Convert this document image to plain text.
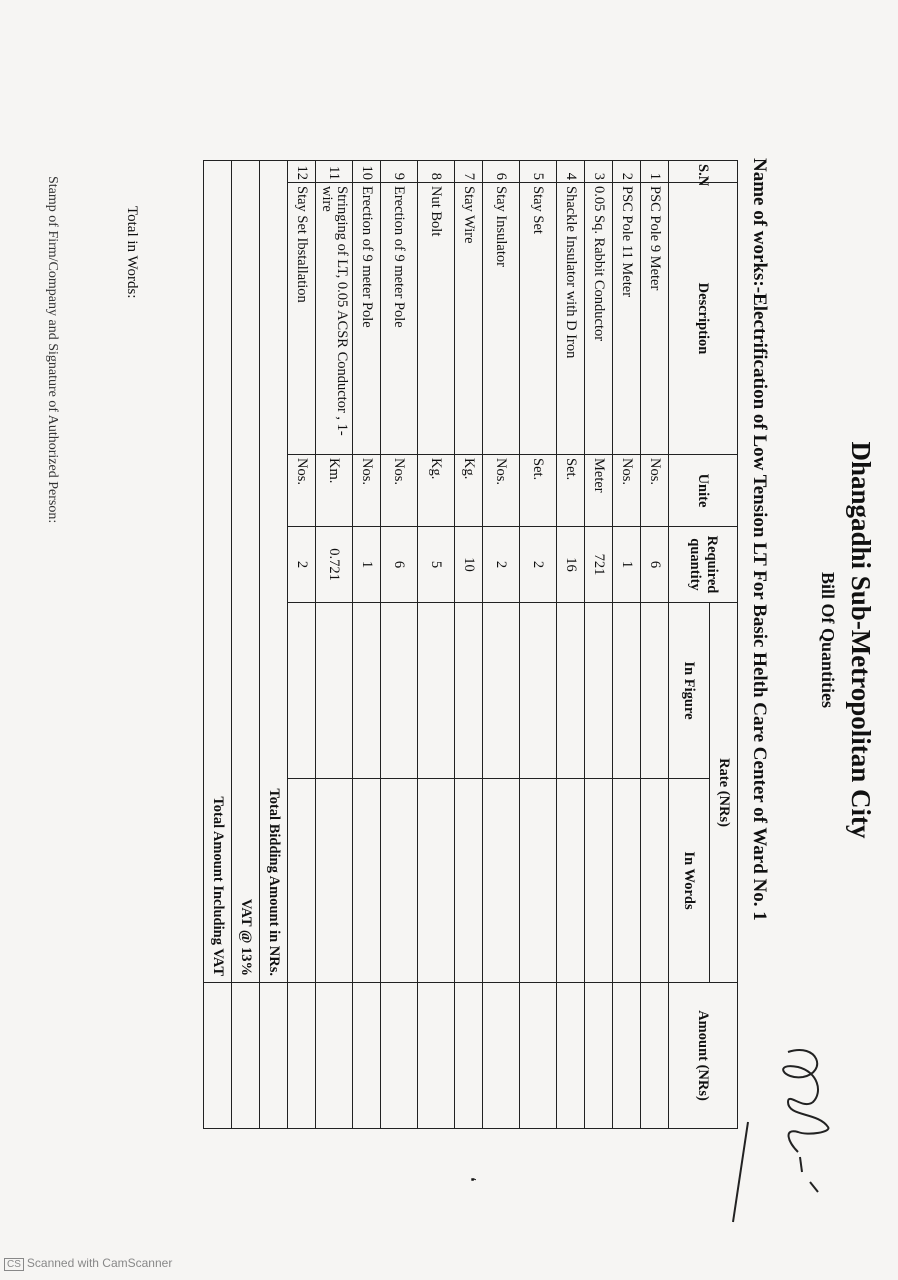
Dhangadhi Sub-Metropolitan City
Bill Of Quantities
Name of works:-Electrification of Low Tension LT For Basic Helth Care Center of Ward No. 1
S.N	Description	Unite	Required quantity	Rate (NRs)		Amount (NRs)
				In Figure	In Words	
1	PSC Pole 9 Meter	Nos.	6			
2	PSC Pole 11 Meter	Nos.	1			
3	0.05 Sq. Rabbit Conductor	Meter	721			
4	Shackle Insulator with D Iron	Set.	16			
5	Stay Set	Set.	2			
6	Stay Insulator	Nos.	2			
7	Stay Wire	Kg.	10			
8	Nut Bolt	Kg.	5			
9	Erection of 9 meter Pole	Nos.	6			
10	Erection of 9 meter Pole	Nos.	1			
11	Stringing of LT, 0.05 ACSR Conductor , 1-wire	Km.	0.721			
12	Stay Set Ibstallation	Nos.	2			
Total Bidding Amount in NRs.						
VAT @ 13%						
Total Amount Including VAT						
❛
Total in Words:
Stamp of Firm/Company and Signature of Authorized Person:
CS Scanned with CamScanner
